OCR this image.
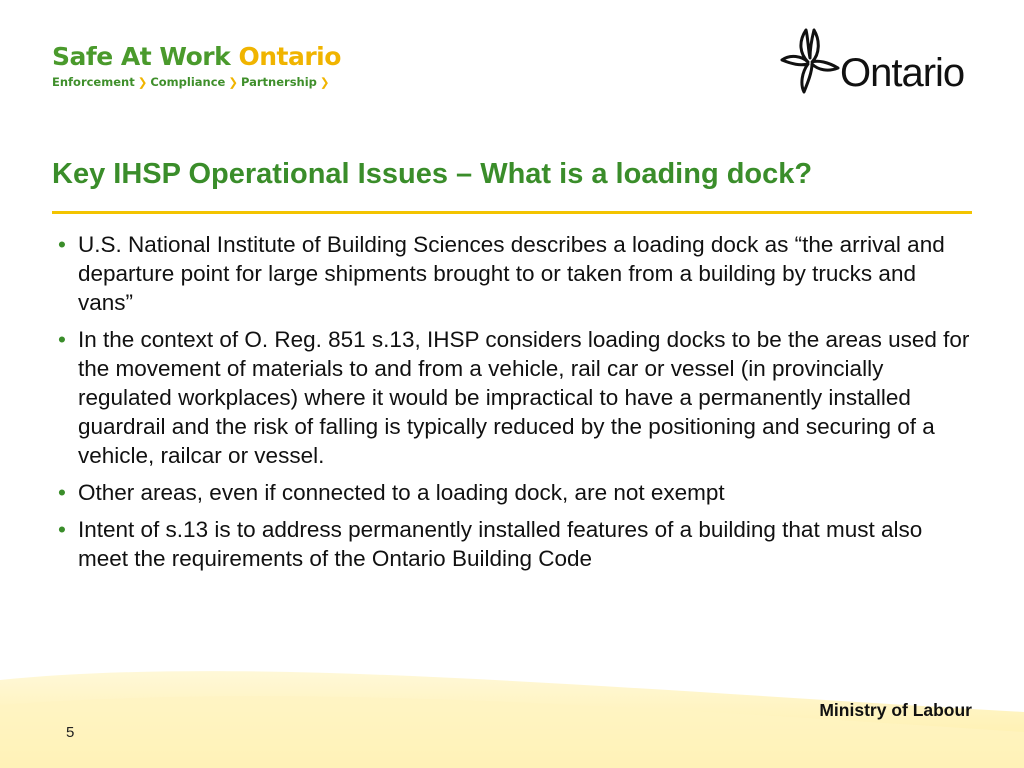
Safe At Work Ontario
Enforcement ❯ Compliance ❯ Partnership ❯	Ontario
Key IHSP Operational Issues – What is a loading dock?
• U.S. National Institute of Building Sciences describes a loading dock as “the arrival and departure point for large shipments brought to or taken from a building by trucks and vans”
• In the context of O. Reg. 851 s.13, IHSP considers loading docks to be the areas used for the movement of materials to and from a vehicle, rail car or vessel (in provincially regulated workplaces) where it would be impractical to have a permanently installed guardrail and the risk of falling is typically reduced by the positioning and securing of a vehicle, railcar or vessel.
• Other areas, even if connected to a loading dock, are not exempt
• Intent of s.13 is to address permanently installed features of a building that must also meet the requirements of the Ontario Building Code
Ministry of Labour
5
